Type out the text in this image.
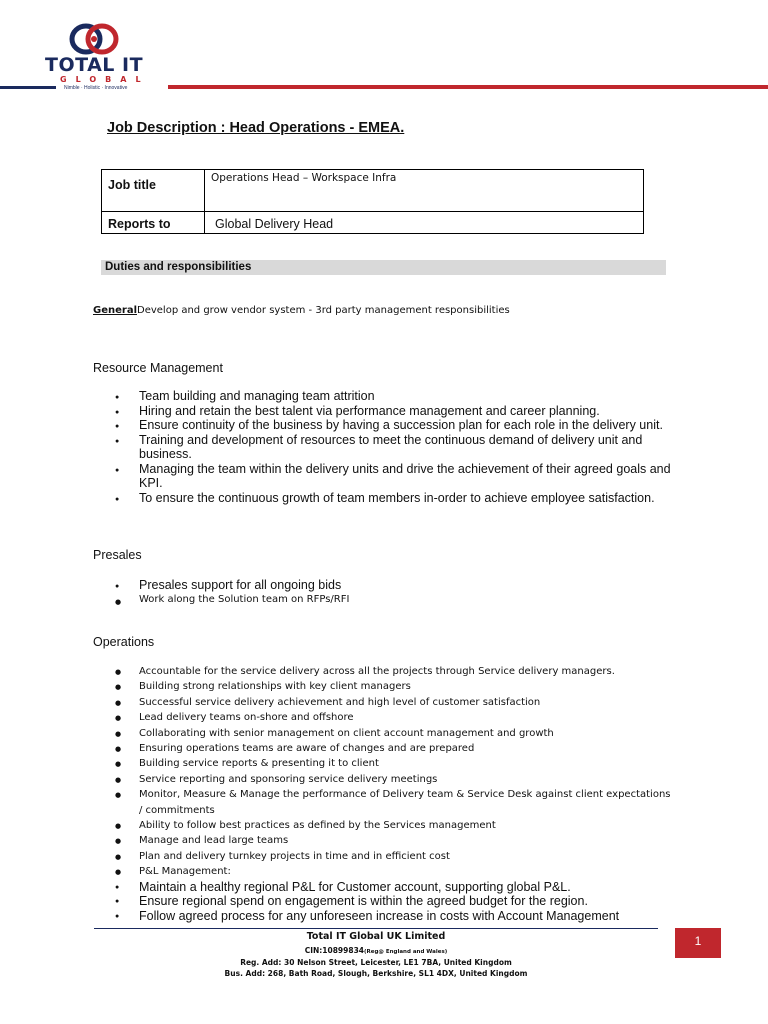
TOTAL IT
GLOBAL
Nimble · Holistic · Innovative
Job Description : Head Operations - EMEA.
Job title	Operations Head – Workspace Infra

Reports to	Global Delivery Head
Duties and responsibilities
GeneralDevelop and grow vendor system - 3rd party management responsibilities
Resource Management
● Team building and managing team attrition
● Hiring and retain the best talent via performance management and career planning.
● Ensure continuity of the business by having a succession plan for each role in the delivery unit.
● Training and development of resources to meet the continuous demand of delivery unit and business.
● Managing the team within the delivery units and drive the achievement of their agreed goals and KPI.
● To ensure the continuous growth of team members in-order to achieve employee satisfaction.
Presales
● Presales support for all ongoing bids
● Work along the Solution team on RFPs/RFI
Operations
● Accountable for the service delivery across all the projects through Service delivery managers.
● Building strong relationships with key client managers
● Successful service delivery achievement and high level of customer satisfaction
● Lead delivery teams on-shore and offshore
● Collaborating with senior management on client account management and growth
● Ensuring operations teams are aware of changes and are prepared
● Building service reports & presenting it to client
● Service reporting and sponsoring service delivery meetings
● Monitor, Measure & Manage the performance of Delivery team & Service Desk against client expectations / commitments
● Ability to follow best practices as defined by the Services management
● Manage and lead large teams
● Plan and delivery turnkey projects in time and in efficient cost
● P&L Management:
● Maintain a healthy regional P&L for Customer account, supporting global P&L.
● Ensure regional spend on engagement is within the agreed budget for the region.
● Follow agreed process for any unforeseen increase in costs with Account Management
Total IT Global UK Limited
CIN:10899834(Reg@ England and Wales)
Reg. Add: 30 Nelson Street, Leicester, LE1 7BA, United Kingdom
Bus. Add: 268, Bath Road, Slough, Berkshire, SL1 4DX, United Kingdom
1
